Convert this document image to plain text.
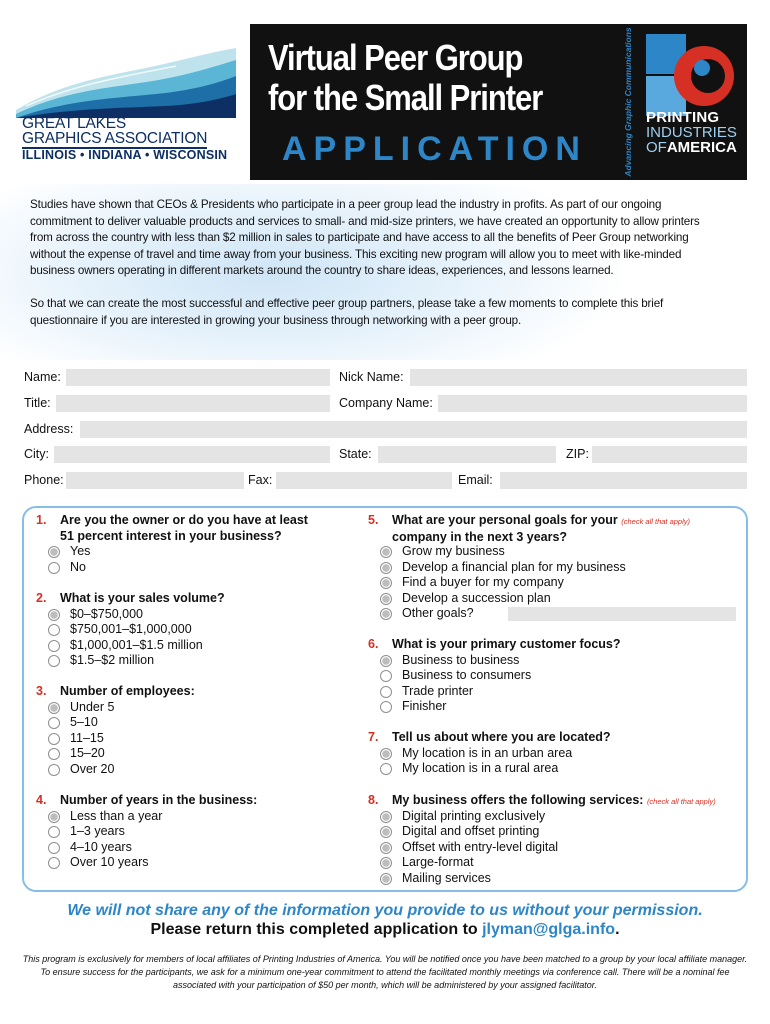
GREAT LAKES
GRAPHICS ASSOCIATION
ILLINOIS • INDIANA • WISCONSIN
Virtual Peer Group
for the Small Printer
APPLICATION	Advancing Graphic Communications PRINTING
INDUSTRIES
OFAMERICA

Studies have shown that CEOs & Presidents who participate in a peer group lead the industry in profits. As part of our ongoing commitment to deliver valuable products and services to small- and mid-size printers, we have created an opportunity to allow printers from across the country with less than $2 million in sales to participate and have access to all the benefits of Peer Group networking without the expense of travel and time away from your business. This exciting new program will allow you to meet with like-minded business owners operating in different markets around the country to share ideas, experiences, and lessons learned.

So that we can create the most successful and effective peer group partners, please take a few moments to complete this brief questionnaire if you are interested in growing your business through networking with a peer group.

Name:	Nick Name:
Title:	Company Name:
Address:
City:	State:	ZIP:
Phone:	Fax:	Email:
1. Are you the owner or do you have at least
51 percent interest in your business?
Yes
No
2. What is your sales volume?
$0–$750,000
$750,001–$1,000,000
$1,000,001–$1.5 million
$1.5–$2 million
3. Number of employees:
Under 5
5–10
11–15
15–20
Over 20
4. Number of years in the business:
Less than a year
1–3 years
4–10 years
Over 10 years
5. What are your personal goals for your (check all that apply)
company in the next 3 years?
Grow my business
Develop a financial plan for my business
Find a buyer for my company
Develop a succession plan
Other goals?
6. What is your primary customer focus?
Business to business
Business to consumers
Trade printer
Finisher
7. Tell us about where you are located?
My location is in an urban area
My location is in a rural area
8. My business offers the following services: (check all that apply)
Digital printing exclusively
Digital and offset printing
Offset with entry-level digital
Large-format
Mailing services
We will not share any of the information you provide to us without your permission.
Please return this completed application to jlyman@glga.info.
This program is exclusively for members of local affiliates of Printing Industries of America. You will be notified once you have been matched to a group by your local affiliate manager. To ensure success for the participants, we ask for a minimum one-year commitment to attend the facilitated monthly meetings via conference call. There will be a nominal fee associated with your participation of $50 per month, which will be administered by your assigned facilitator.
